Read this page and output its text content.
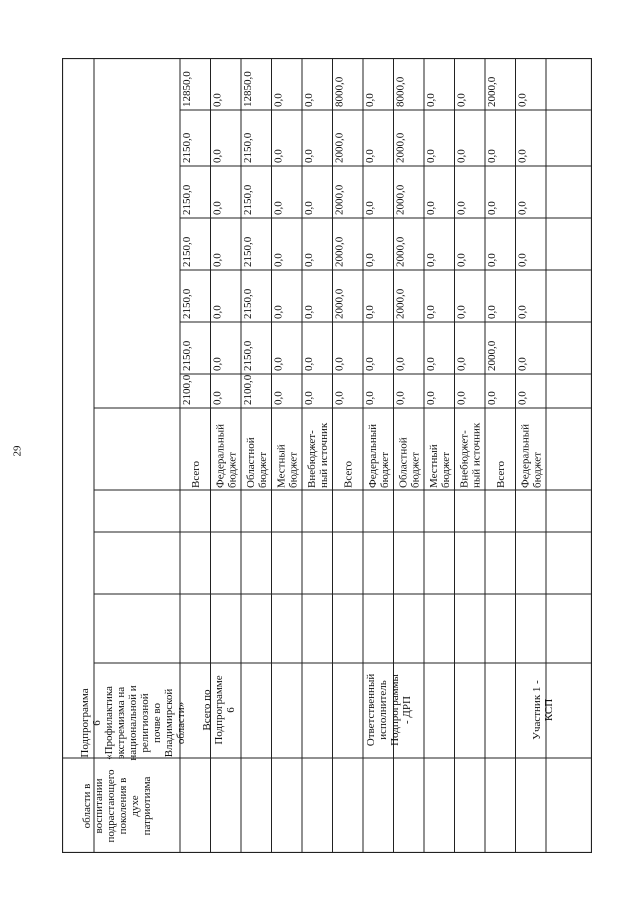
29
области ввоспитанииподрастающегопоколения вдухепатриотизма
Подпрограмма6«Профилактикаэкстремизма нанациональной ирелигиознойпочве воВладимирскойобласти» Всего поПодпрограмме6	ОтветственныйисполнительПодпрограммы- ДРП	Участник 1 -КСП
Всего
2100,0
2150,0
2150,0
2150,0
2150,0
2150,0
12850,0
Федеральныйбюджет
0,0
0,0
0,0
0,0
0,0
0,0
0,0
Областнойбюджет
2100,0
2150,0
2150,0
2150,0
2150,0
2150,0
12850,0
Местныйбюджет
0,0
0,0
0,0
0,0
0,0
0,0
0,0
Внебюджет-ный источник
0,0
0,0
0,0
0,0
0,0
0,0
0,0
Всего
0,0
0,0
2000,0
2000,0
2000,0
2000,0
8000,0
Федеральныйбюджет
0,0
0,0
0,0
0,0
0,0
0,0
0,0
Областнойбюджет
0,0
0,0
2000,0
2000,0
2000,0
2000,0
8000,0
Местныйбюджет
0,0
0,0
0,0
0,0
0,0
0,0
0,0
Внебюджет-ный источник
0,0
0,0
0,0
0,0
0,0
0,0
0,0
Всего
0,0
2000,0
0,0
0,0
0,0
0,0
2000,0
Федеральныйбюджет
0,0
0,0
0,0
0,0
0,0
0,0
0,0
